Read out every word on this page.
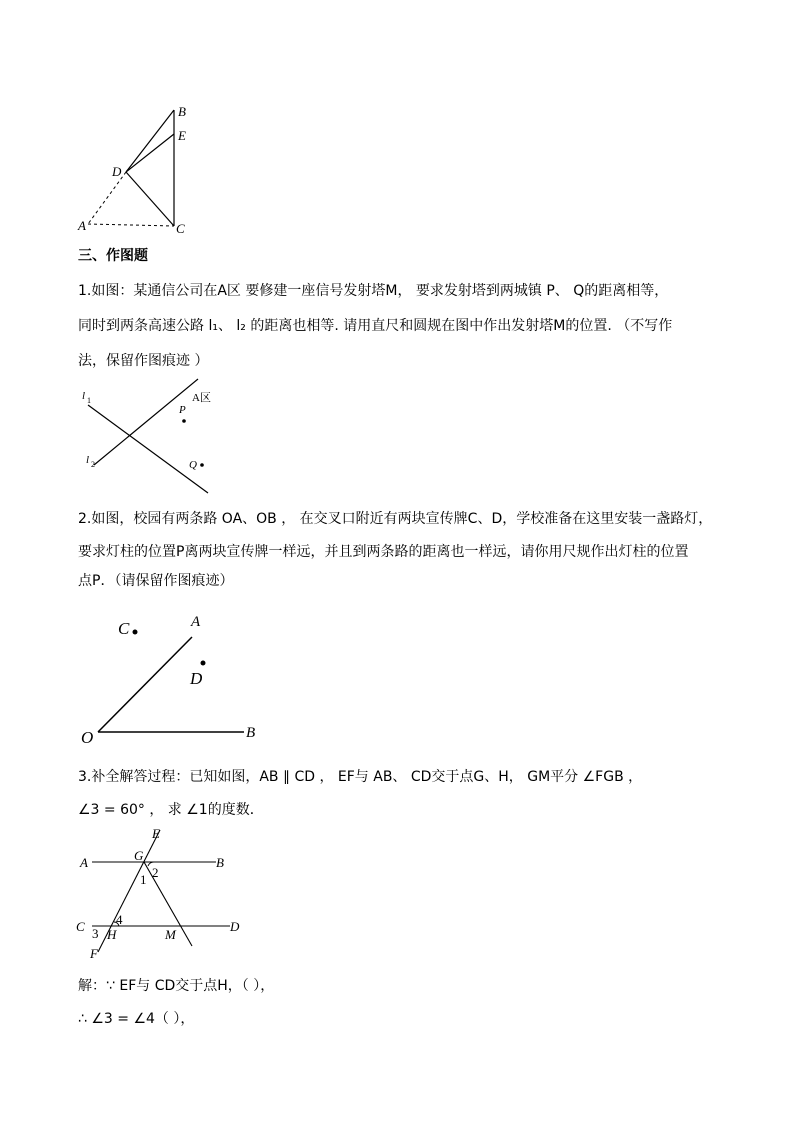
B
E
D
A	C
三、作图题
1.如图：某通信公司在A区 要修建一座信号发射塔M， 要求发射塔到两城镇 P、 Q的距离相等，
同时到两条高速公路 l₁、 l₂ 的距离也相等. 请用直尺和圆规在图中作出发射塔M的位置. （不写作
法，保留作图痕迹 ）
l 1
l 2
A区
P
Q
2.如图，校园有两条路 OA、OB ， 在交叉口附近有两块宣传牌C、D，学校准备在这里安装一盏路灯，
要求灯柱的位置P离两块宣传牌一样远，并且到两条路的距离也一样远，请你用尺规作出灯柱的位置
点P．（请保留作图痕迹）
C	A
D
O	B
3.补全解答过程：已知如图，AB ∥ CD ， EF与 AB、 CD交于点G、H， GM平分 ∠FGB ，
∠3 = 60° ， 求 ∠1的度数．
E
A	G	B
1 2
C 4	D
3 H	M
F
解：∵ EF与 CD交于点H，（ ），
∴ ∠3 = ∠4（ ），
